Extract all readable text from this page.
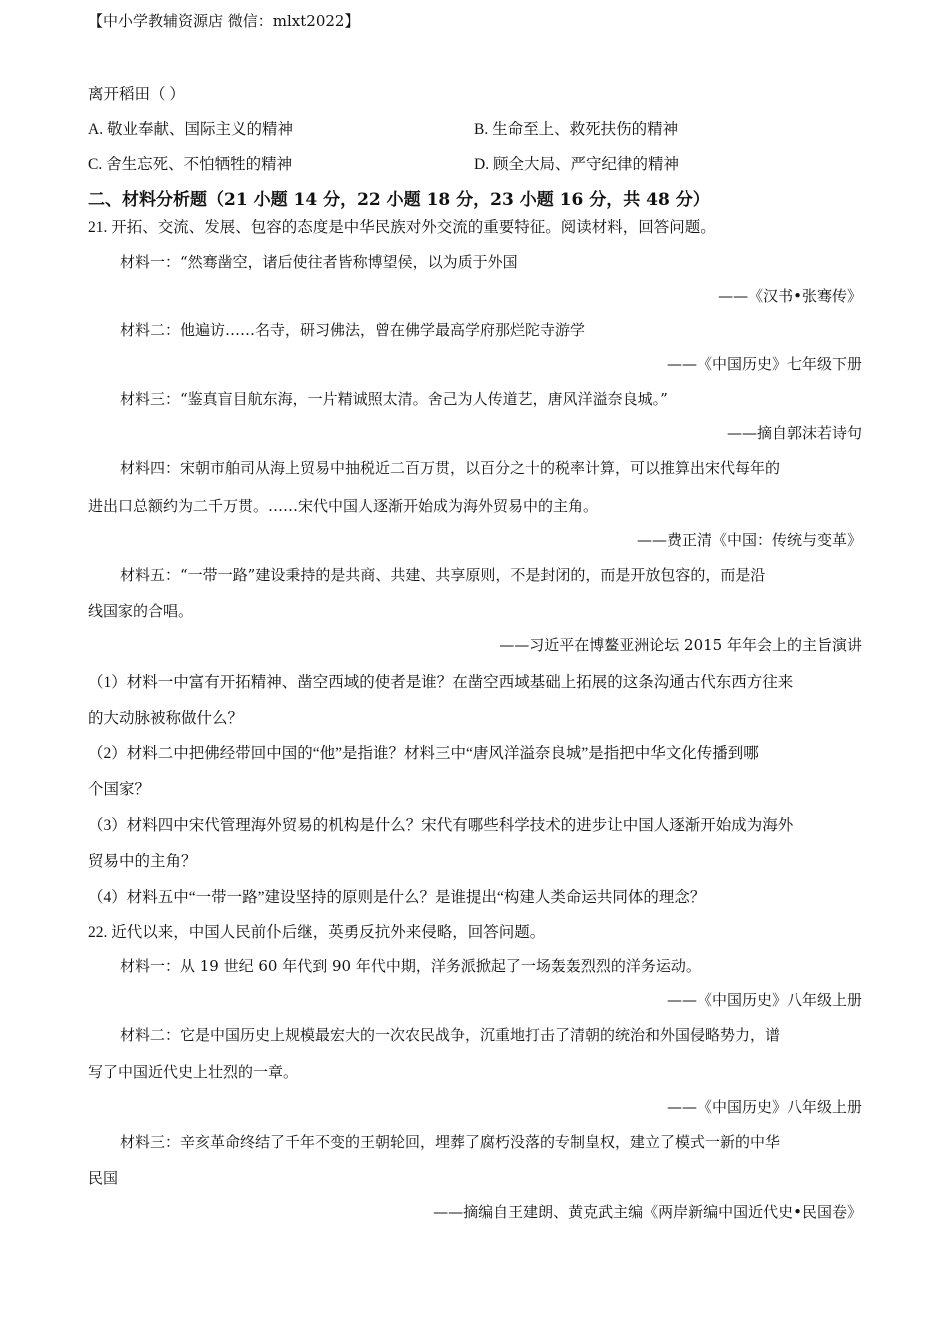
【中小学教辅资源店 微信：mlxt2022】
离开稻田（ ）
A. 敬业奉献、国际主义的精神	B. 生命至上、救死扶伤的精神
C. 舍生忘死、不怕牺牲的精神	D. 顾全大局、严守纪律的精神
二、材料分析题（21 小题 14 分，22 小题 18 分，23 小题 16 分，共 48 分）
21. 开拓、交流、发展、包容的态度是中华民族对外交流的重要特征。阅读材料，回答问题。
材料一：“然骞凿空，诸后使往者皆称博望侯，以为质于外国
——《汉书•张骞传》
材料二：他遍访……名寺，研习佛法，曾在佛学最高学府那烂陀寺游学
——《中国历史》七年级下册
材料三：“鉴真盲目航东海，一片精诚照太清。舍己为人传道艺，唐风洋溢奈良城。”
——摘自郭沫若诗句
材料四：宋朝市舶司从海上贸易中抽税近二百万贯，以百分之十的税率计算，可以推算出宋代每年的
进出口总额约为二千万贯。……宋代中国人逐渐开始成为海外贸易中的主角。
——费正清《中国：传统与变革》
材料五：“一带一路”建设秉持的是共商、共建、共享原则，不是封闭的，而是开放包容的，而是沿
线国家的合唱。
——习近平在博鳌亚洲论坛 2015 年年会上的主旨演讲
（1）材料一中富有开拓精神、凿空西域的使者是谁？在凿空西域基础上拓展的这条沟通古代东西方往来
的大动脉被称做什么？
（2）材料二中把佛经带回中国的“他”是指谁？材料三中“唐风洋溢奈良城”是指把中华文化传播到哪
个国家？
（3）材料四中宋代管理海外贸易的机构是什么？宋代有哪些科学技术的进步让中国人逐渐开始成为海外
贸易中的主角？
（4）材料五中“一带一路”建设坚持的原则是什么？是谁提出“构建人类命运共同体的理念？
22. 近代以来，中国人民前仆后继，英勇反抗外来侵略，回答问题。
材料一：从 19 世纪 60 年代到 90 年代中期，洋务派掀起了一场轰轰烈烈的洋务运动。
——《中国历史》八年级上册
材料二：它是中国历史上规模最宏大的一次农民战争，沉重地打击了清朝的统治和外国侵略势力，谱
写了中国近代史上壮烈的一章。
——《中国历史》八年级上册
材料三：辛亥革命终结了千年不变的王朝轮回，埋葬了腐朽没落的专制皇权，建立了模式一新的中华
民国
——摘编自王建朗、黄克武主编《两岸新编中国近代史•民国卷》
